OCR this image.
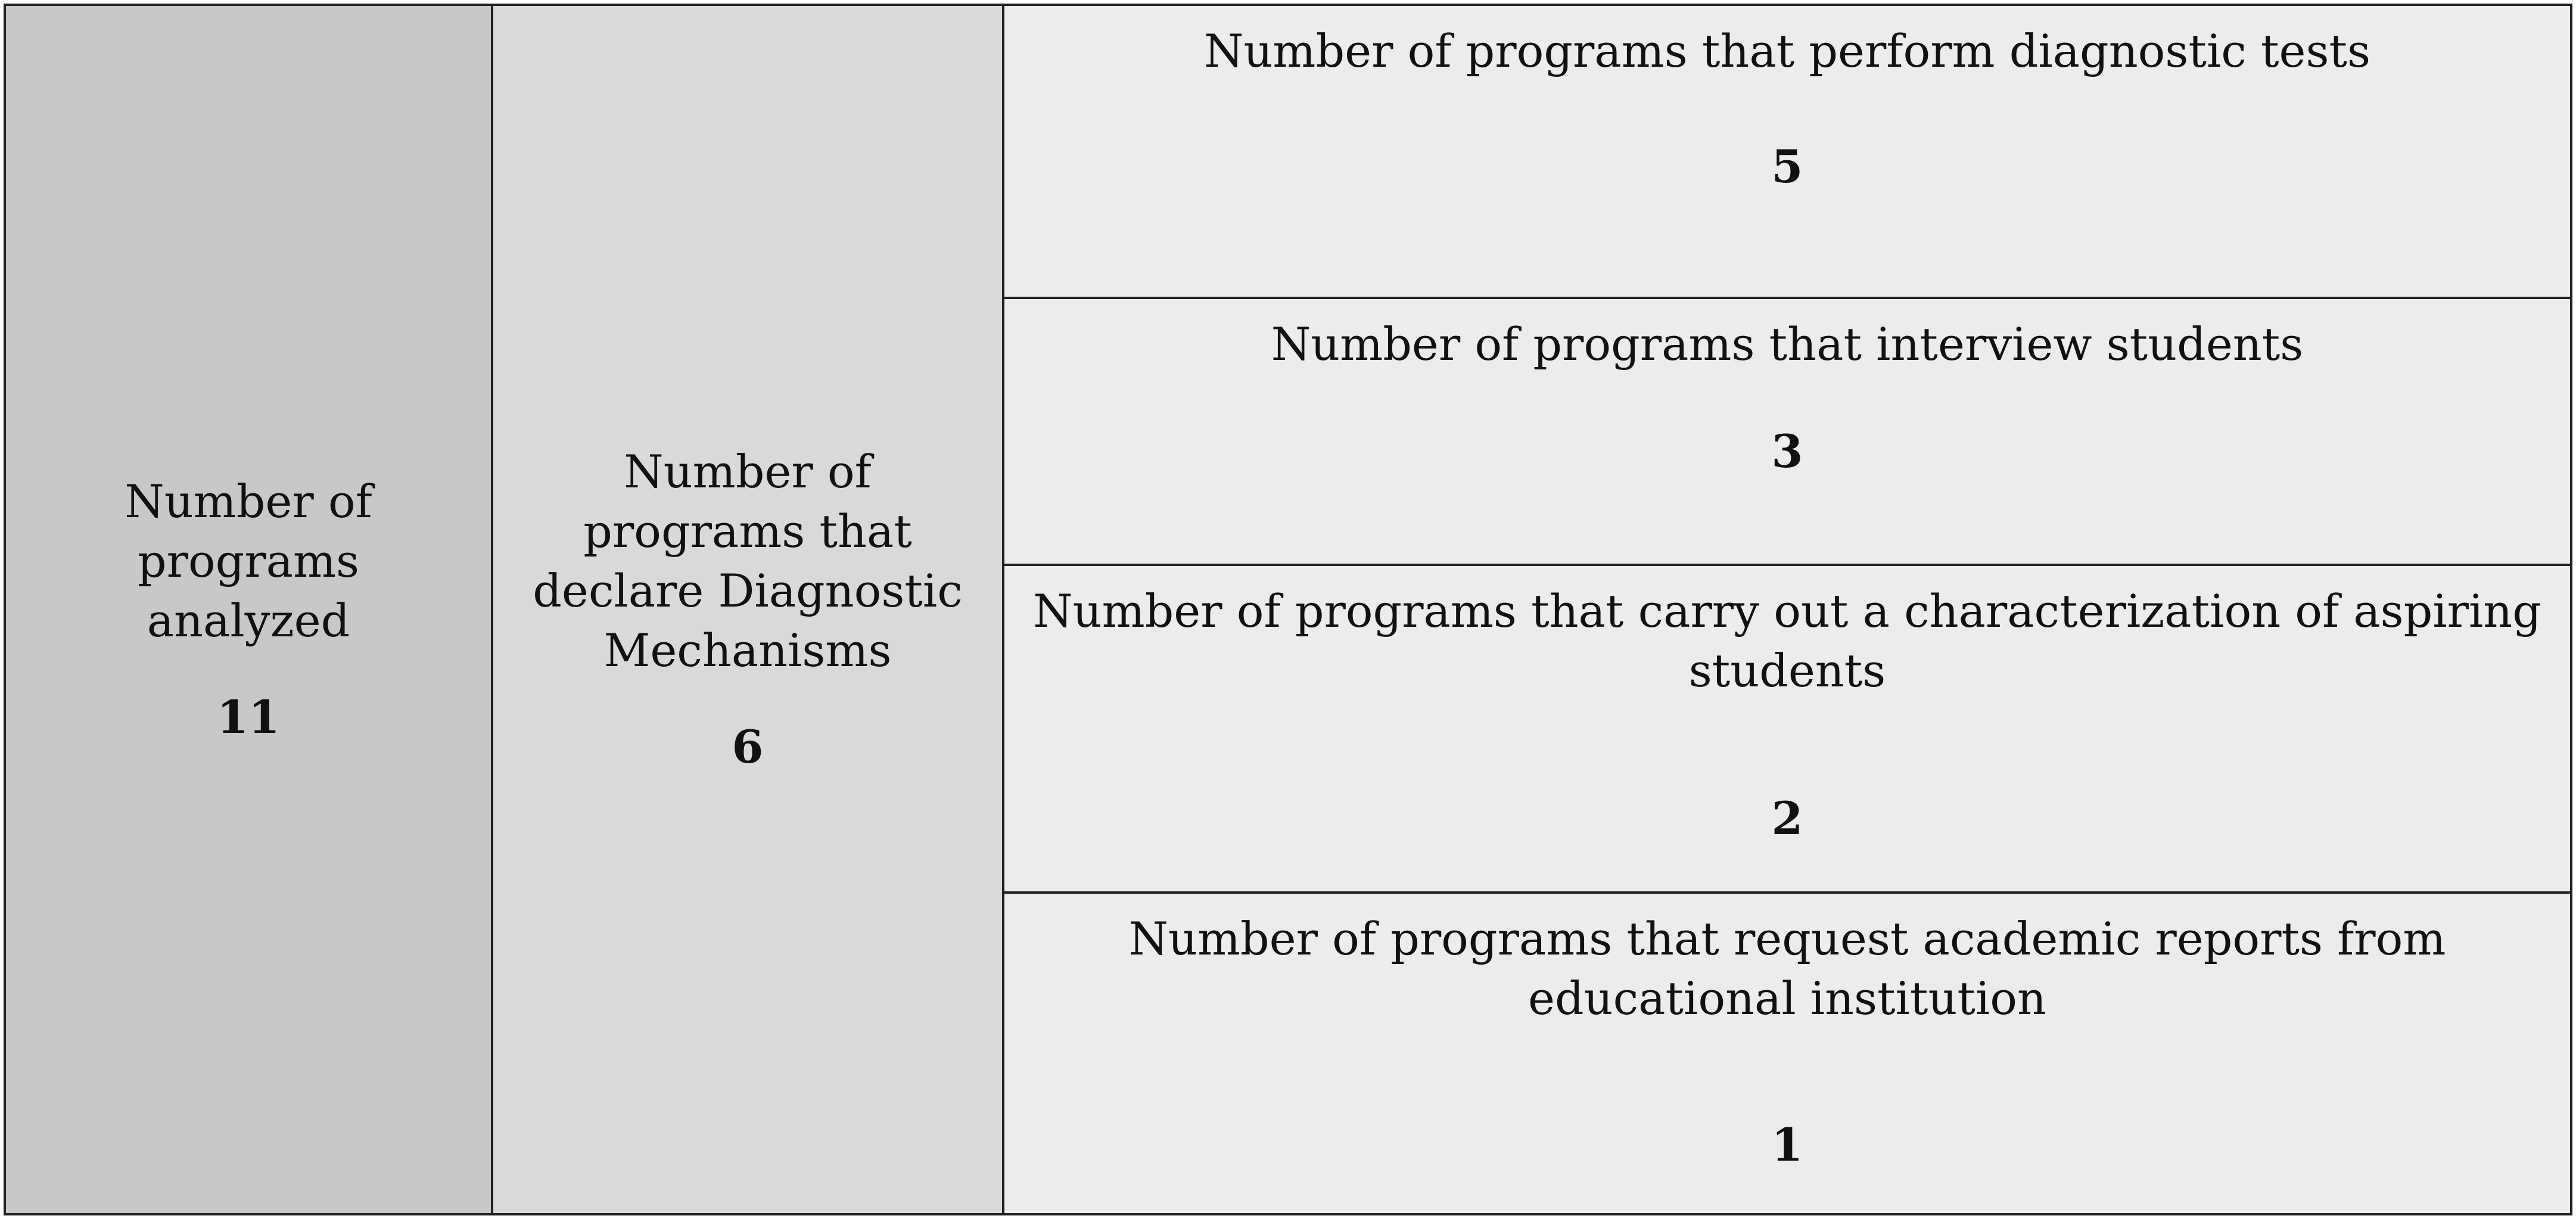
Number of programs analyzed
11
Number of programs that declare Diagnostic Mechanisms
6
Number of programs that perform diagnostic tests
5
Number of programs that interview students
3
Number of programs that carry out a characterization of aspiring students
2
Number of programs that request academic reports from educational institution
1
